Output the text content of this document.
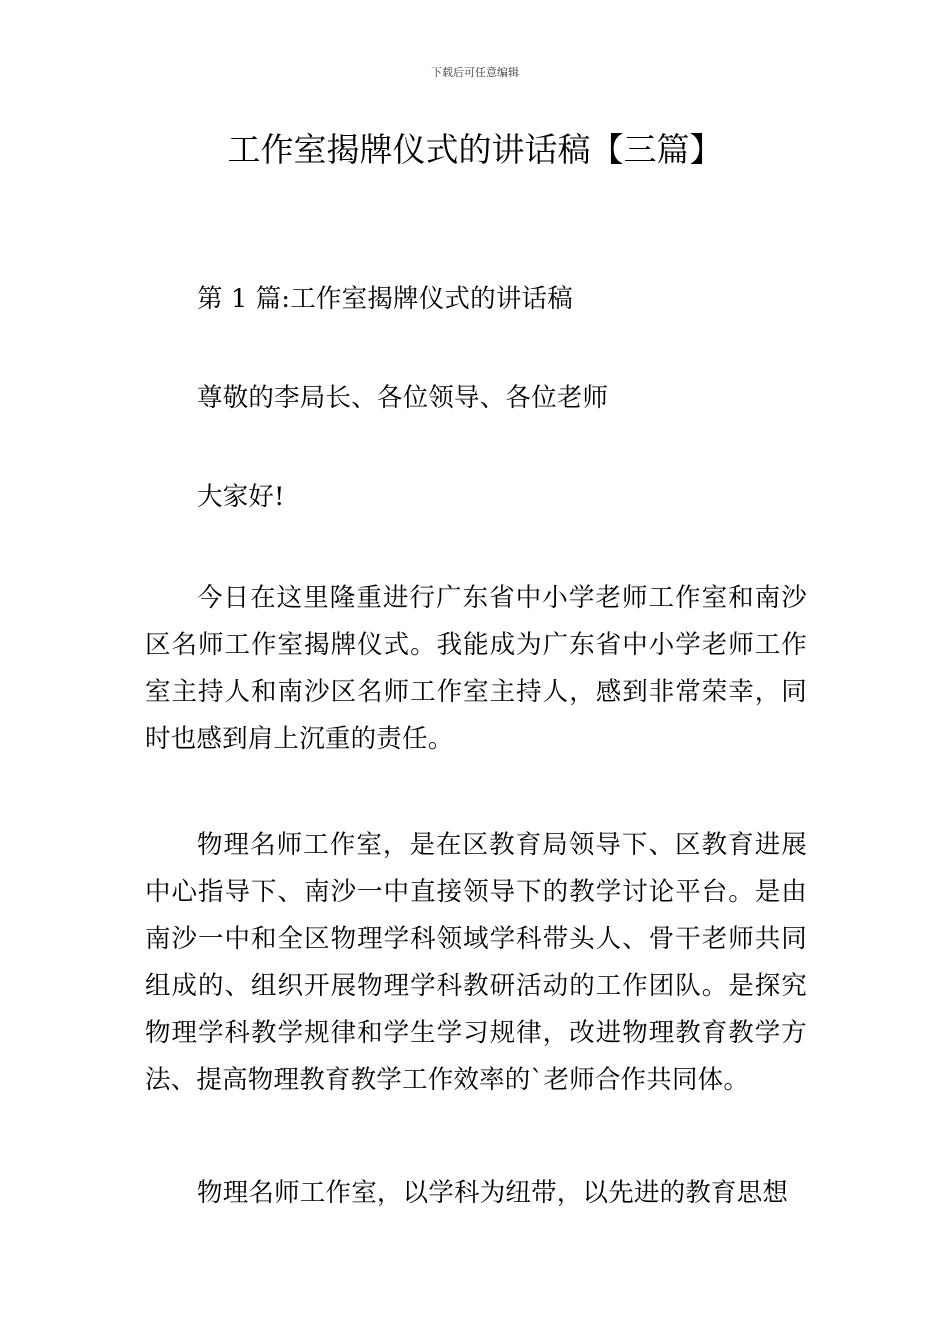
下载后可任意编辑
工作室揭牌仪式的讲话稿【三篇】

第 1 篇:工作室揭牌仪式的讲话稿

尊敬的李局长、各位领导、各位老师

大家好!

今日在这里隆重进行广东省中小学老师工作室和南沙区名师工作室揭牌仪式。我能成为广东省中小学老师工作室主持人和南沙区名师工作室主持人，感到非常荣幸，同时也感到肩上沉重的责任。

物理名师工作室，是在区教育局领导下、区教育进展中心指导下、南沙一中直接领导下的教学讨论平台。是由南沙一中和全区物理学科领域学科带头人、骨干老师共同组成的、组织开展物理学科教研活动的工作团队。是探究物理学科教学规律和学生学习规律，改进物理教育教学方法、提高物理教育教学工作效率的`老师合作共同体。

物理名师工作室，以学科为纽带，以先进的教育思想
